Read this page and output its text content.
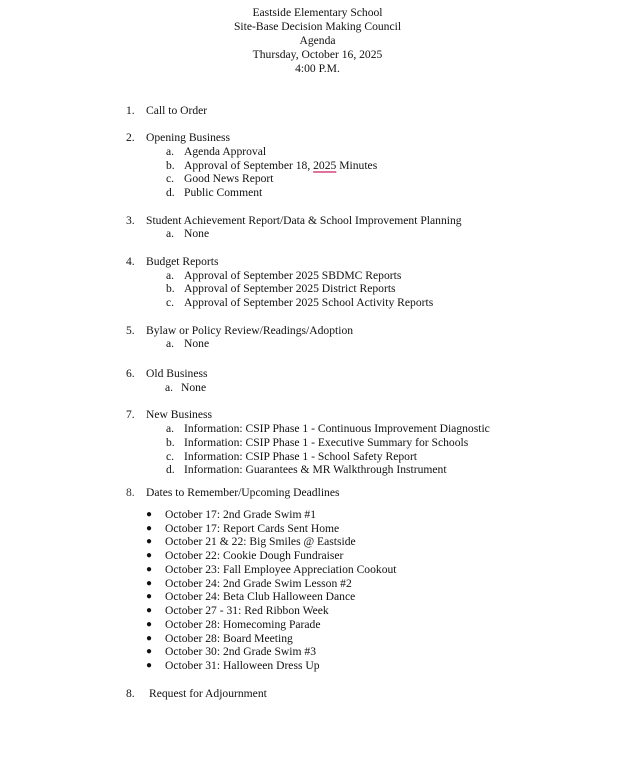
Eastside Elementary School
Site-Base Decision Making Council
Agenda
Thursday, October 16, 2025
4:00 P.M.
1. Call to Order
2. Opening Business
a. Agenda Approval
b. Approval of September 18, 2025 Minutes
c. Good News Report
d. Public Comment
3. Student Achievement Report/Data & School Improvement Planning
a. None
4. Budget Reports
a. Approval of September 2025 SBDMC Reports
b. Approval of September 2025 District Reports
c. Approval of September 2025 School Activity Reports
5. Bylaw or Policy Review/Readings/Adoption
a. None
6. Old Business
a. None
7. New Business
a. Information: CSIP Phase 1 - Continuous Improvement Diagnostic
b. Information: CSIP Phase 1 - Executive Summary for Schools
c. Information: CSIP Phase 1 - School Safety Report
d. Information: Guarantees & MR Walkthrough Instrument
8. Dates to Remember/Upcoming Deadlines
● October 17: 2nd Grade Swim #1
● October 17: Report Cards Sent Home
● October 21 & 22: Big Smiles @ Eastside
● October 22: Cookie Dough Fundraiser
● October 23: Fall Employee Appreciation Cookout
● October 24: 2nd Grade Swim Lesson #2
● October 24: Beta Club Halloween Dance
● October 27 - 31: Red Ribbon Week
● October 28: Homecoming Parade
● October 28: Board Meeting
● October 30: 2nd Grade Swim #3
● October 31: Halloween Dress Up
8. Request for Adjournment
